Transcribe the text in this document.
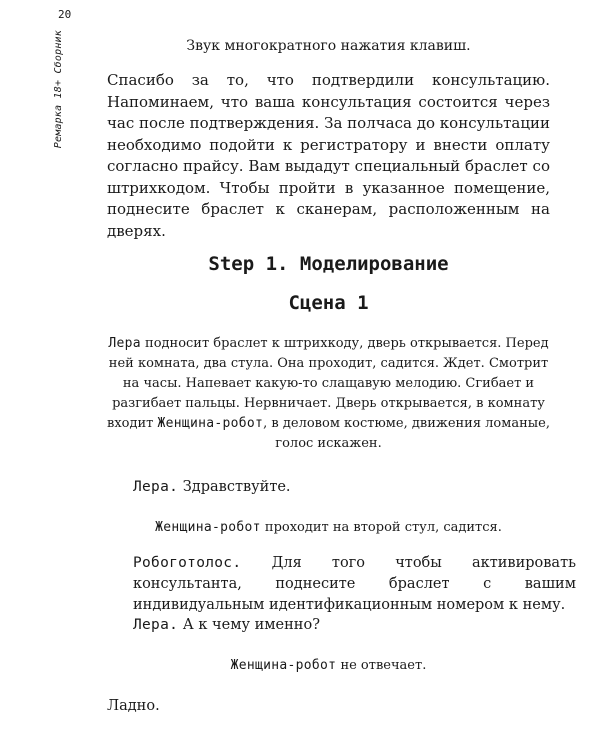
20
Ремарка 18+ Сборник	Звук многократного нажатия клавиш.
Спасибо за то, что подтвердили консультацию. Напоминаем, что ваша консультация состоится через час после подтверждения. За полчаса до консультации необходимо подойти к регистратору и внести оплату согласно прайсу. Вам выдадут специальный браслет со штрихкодом. Чтобы пройти в указанное помещение, поднесите браслет к сканерам, расположенным на дверях.
Step 1. Моделирование
Сцена 1
Лера подносит браслет к штрихкоду, дверь открывается. Перед ней комната, два стула. Она проходит, садится. Ждет. Смотрит на часы. Напевает какую-то слащавую мелодию. Сгибает и разгибает пальцы. Нервничает. Дверь открывается, в комнату входит Женщина-робот, в деловом костюме, движения ломаные, голос искажен.
Лера. Здравствуйте.
Женщина-робот проходит на второй стул, садится.
Робоготолос. Для того чтобы активировать консультанта, поднесите браслет с вашим индивидуальным идентификационным номером к нему.
Лера. А к чему именно?
Женщина-робот не отвечает.
Ладно.
